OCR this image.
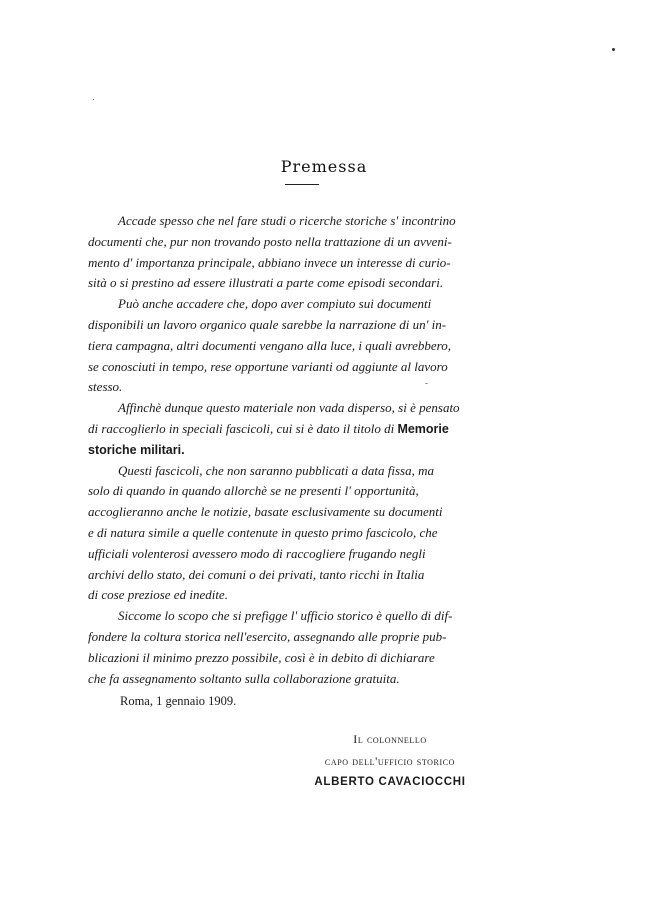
Premessa

Accade spesso che nel fare studi o ricerche storiche s' incontrino
documenti che, pur non trovando posto nella trattazione di un avveni-
mento d' importanza principale, abbiano invece un interesse di curio-
sità o si prestino ad essere illustrati a parte come episodi secondari.

Può anche accadere che, dopo aver compiuto sui documenti
disponibili un lavoro organico quale sarebbe la narrazione di un' in-
tiera campagna, altri documenti vengano alla luce, i quali avrebbero,
se conosciuti in tempo, rese opportune varianti od aggiunte al lavoro
stesso.

Affinchè dunque questo materiale non vada disperso, si è pensato
di raccoglierlo in speciali fascicoli, cui si è dato il titolo di Memorie
storiche militari.

Questi fascicoli, che non saranno pubblicati a data fissa, ma
solo di quando in quando allorchè se ne presenti l' opportunità,
accoglieranno anche le notizie, basate esclusivamente su documenti
e di natura simile a quelle contenute in questo primo fascicolo, che
ufficiali volenterosi avessero modo di raccogliere frugando negli
archivi dello stato, dei comuni o dei privati, tanto ricchi in Italia
di cose preziose ed inedite.

Siccome lo scopo che si prefigge l' ufficio storico è quello di dif-
fondere la coltura storica nell'esercito, assegnando alle proprie pub-
blicazioni il minimo prezzo possibile, così è in debito di dichiarare
che fa assegnamento soltanto sulla collaborazione gratuita.

Roma, 1 gennaio 1909.
Il colonnello
capo dell'ufficio storico
ALBERTO CAVACIOCCHI
